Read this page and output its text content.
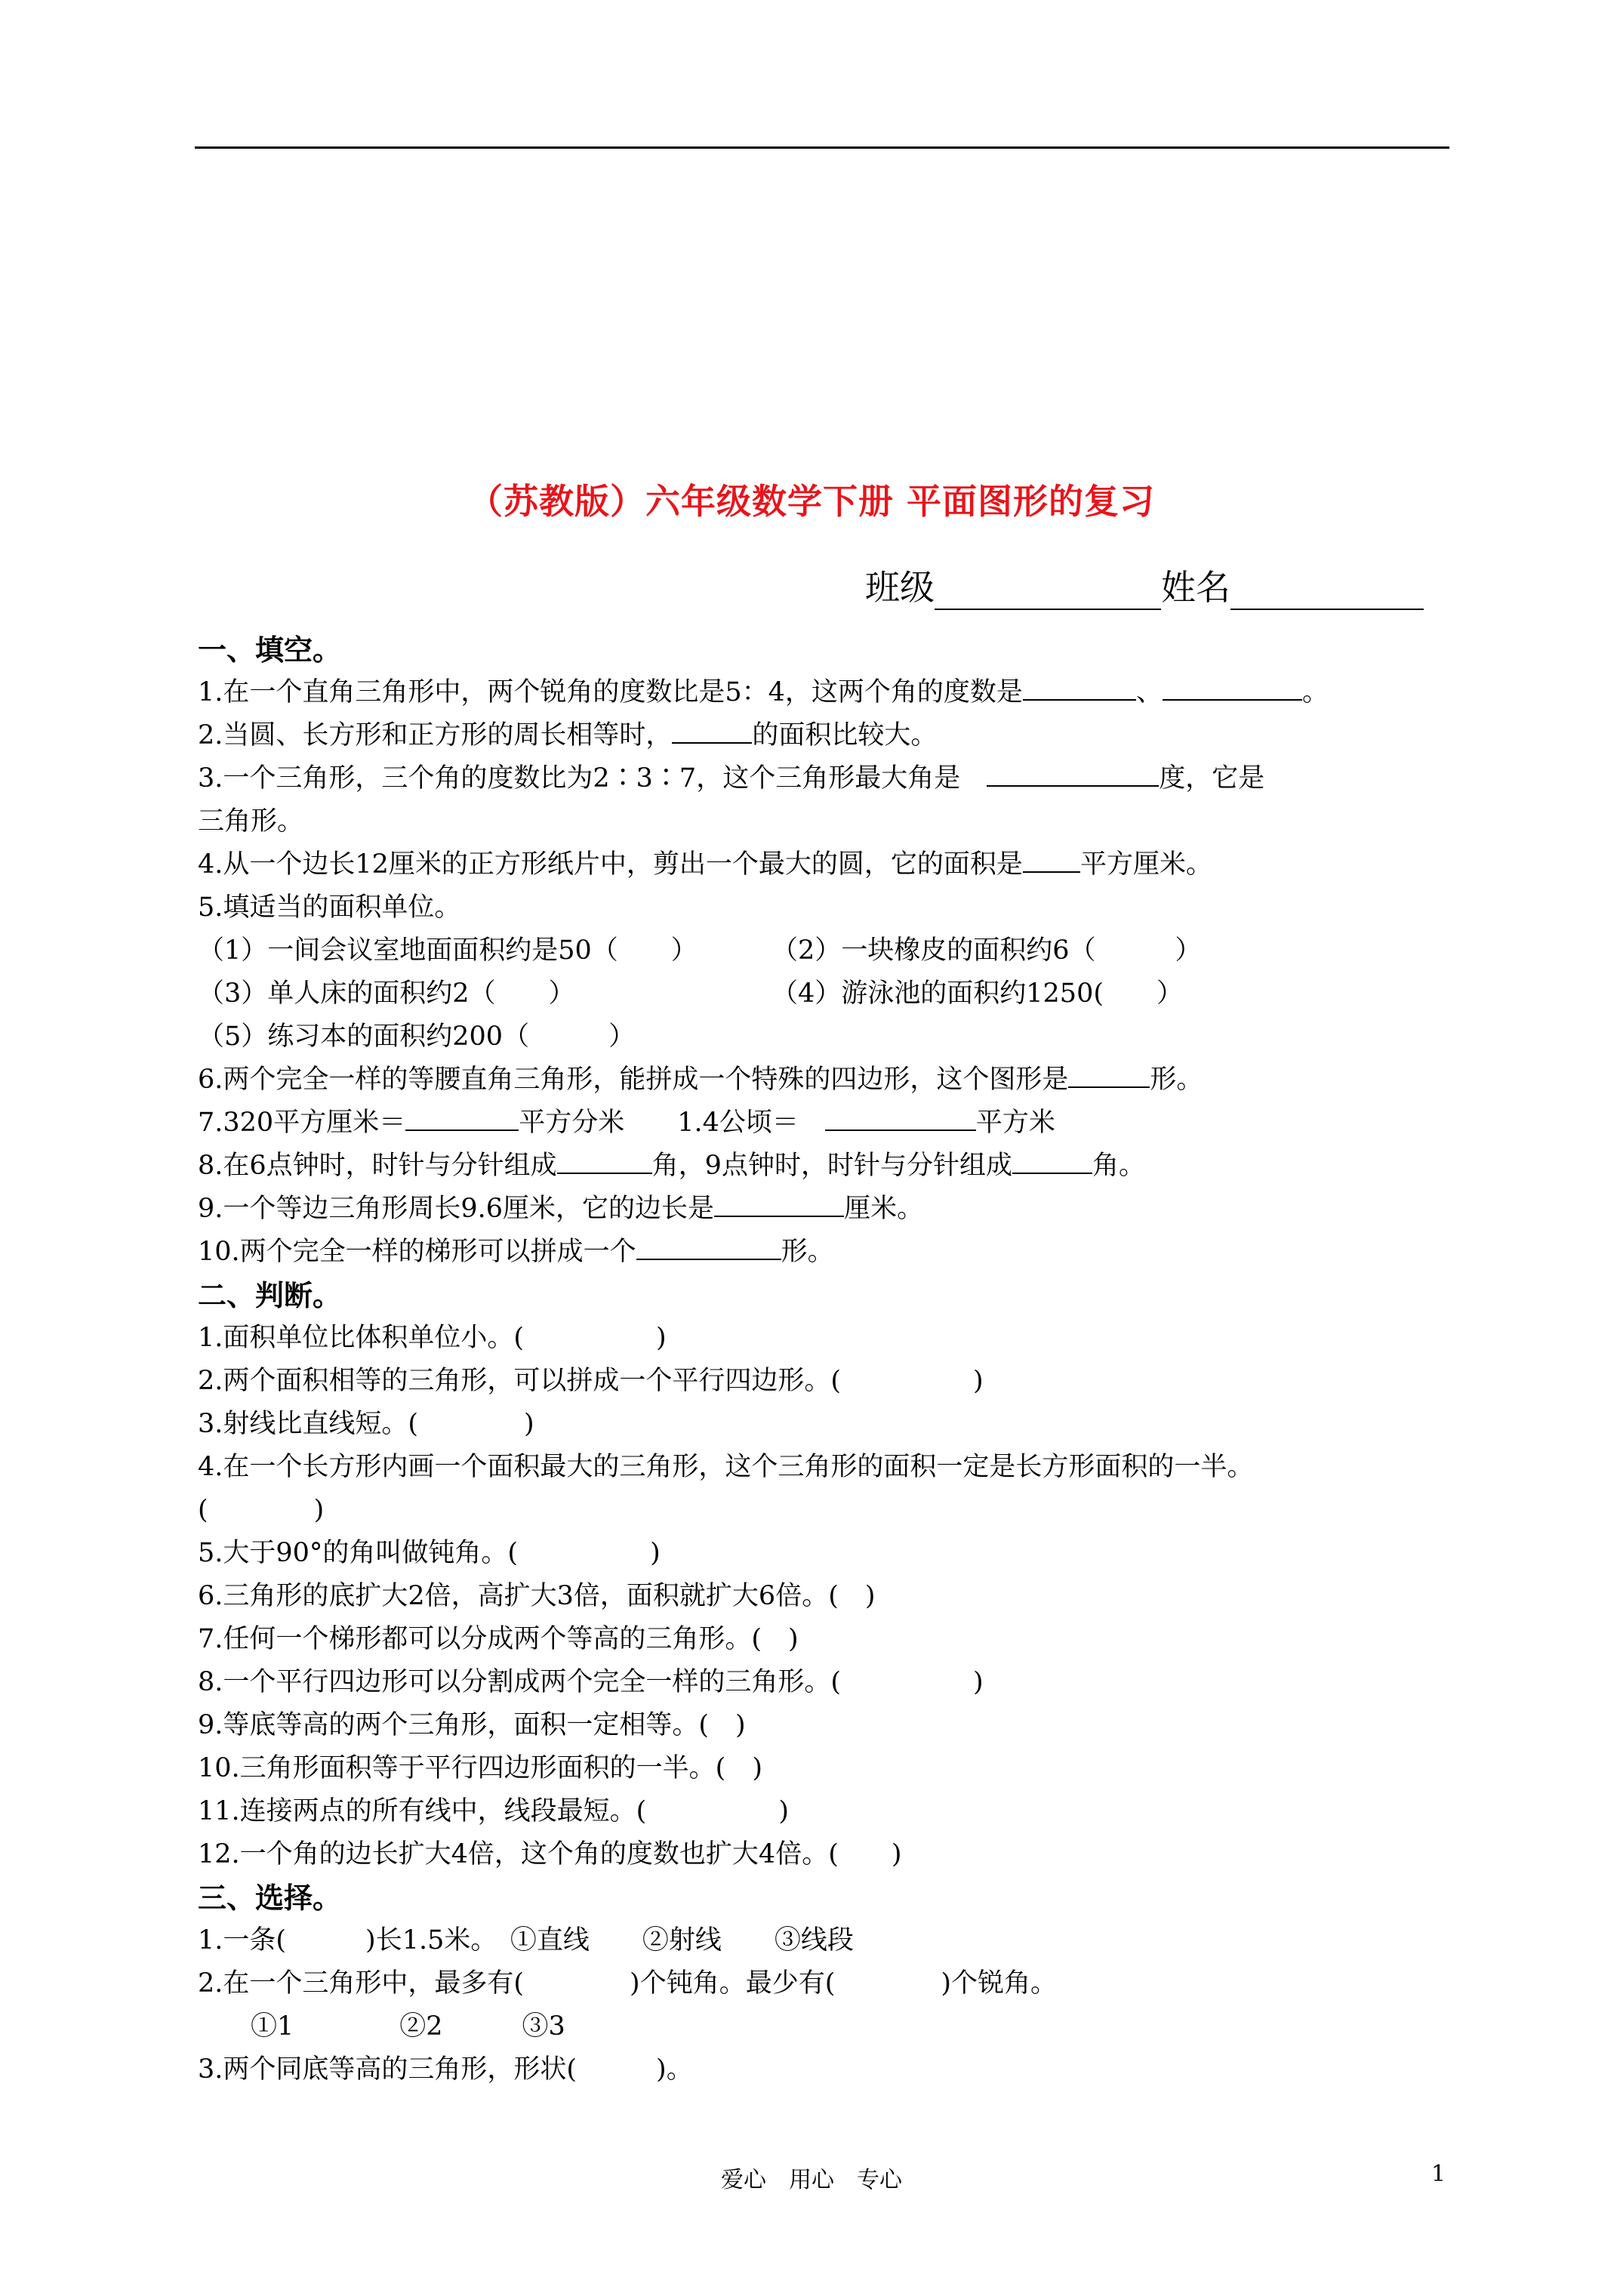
（苏教版）六年级数学下册 平面图形的复习
班级	姓名
一、填空。
1.在一个直角三角形中，两个锐角的度数比是5：4，这两个角的度数是	、	。
2.当圆、长方形和正方形的周长相等时，	的面积比较大。
3.一个三角形，三个角的度数比为2∶3∶7，这个三角形最大角是　	度，它是
三角形。
4.从一个边长12厘米的正方形纸片中，剪出一个最大的圆，它的面积是 平方厘米。
5.填适当的面积单位。
（1）一间会议室地面面积约是50（　　）	（2）一块橡皮的面积约6（　　　）
（3）单人床的面积约2（　　）	（4）游泳池的面积约1250(　　）
（5）练习本的面积约200（　　　）
6.两个完全一样的等腰直角三角形，能拼成一个特殊的四边形，这个图形是	形。
7.320平方厘米＝	平方分米　　1.4公顷＝　	平方米
8.在6点钟时，时针与分针组成	角，9点钟时，时针与分针组成	角。
9.一个等边三角形周长9.6厘米，它的边长是	厘米。
10.两个完全一样的梯形可以拼成一个	形。
二、判断。
1.面积单位比体积单位小。(　　　　　)
2.两个面积相等的三角形，可以拼成一个平行四边形。(　　　　　)
3.射线比直线短。(　　　　)
4.在一个长方形内画一个面积最大的三角形，这个三角形的面积一定是长方形面积的一半。
(　　　　)
5.大于90°的角叫做钝角。(　　　　　)
6.三角形的底扩大2倍，高扩大3倍，面积就扩大6倍。(　)
7.任何一个梯形都可以分成两个等高的三角形。(　)
8.一个平行四边形可以分割成两个完全一样的三角形。(　　　　　)
9.等底等高的两个三角形，面积一定相等。(　)
10.三角形面积等于平行四边形面积的一半。(　)
11.连接两点的所有线中，线段最短。(　　　　　)
12.一个角的边长扩大4倍，这个角的度数也扩大4倍。(　　)
三、选择。
1.一条(　　　)长1.5米。　①直线　　②射线　　③线段
2.在一个三角形中，最多有(　　　　)个钝角。最少有(　　　　)个锐角。
　　①1　　　　②2　　　③3
3.两个同底等高的三角形，形状(　　　)。
爱心　用心　专心	1
